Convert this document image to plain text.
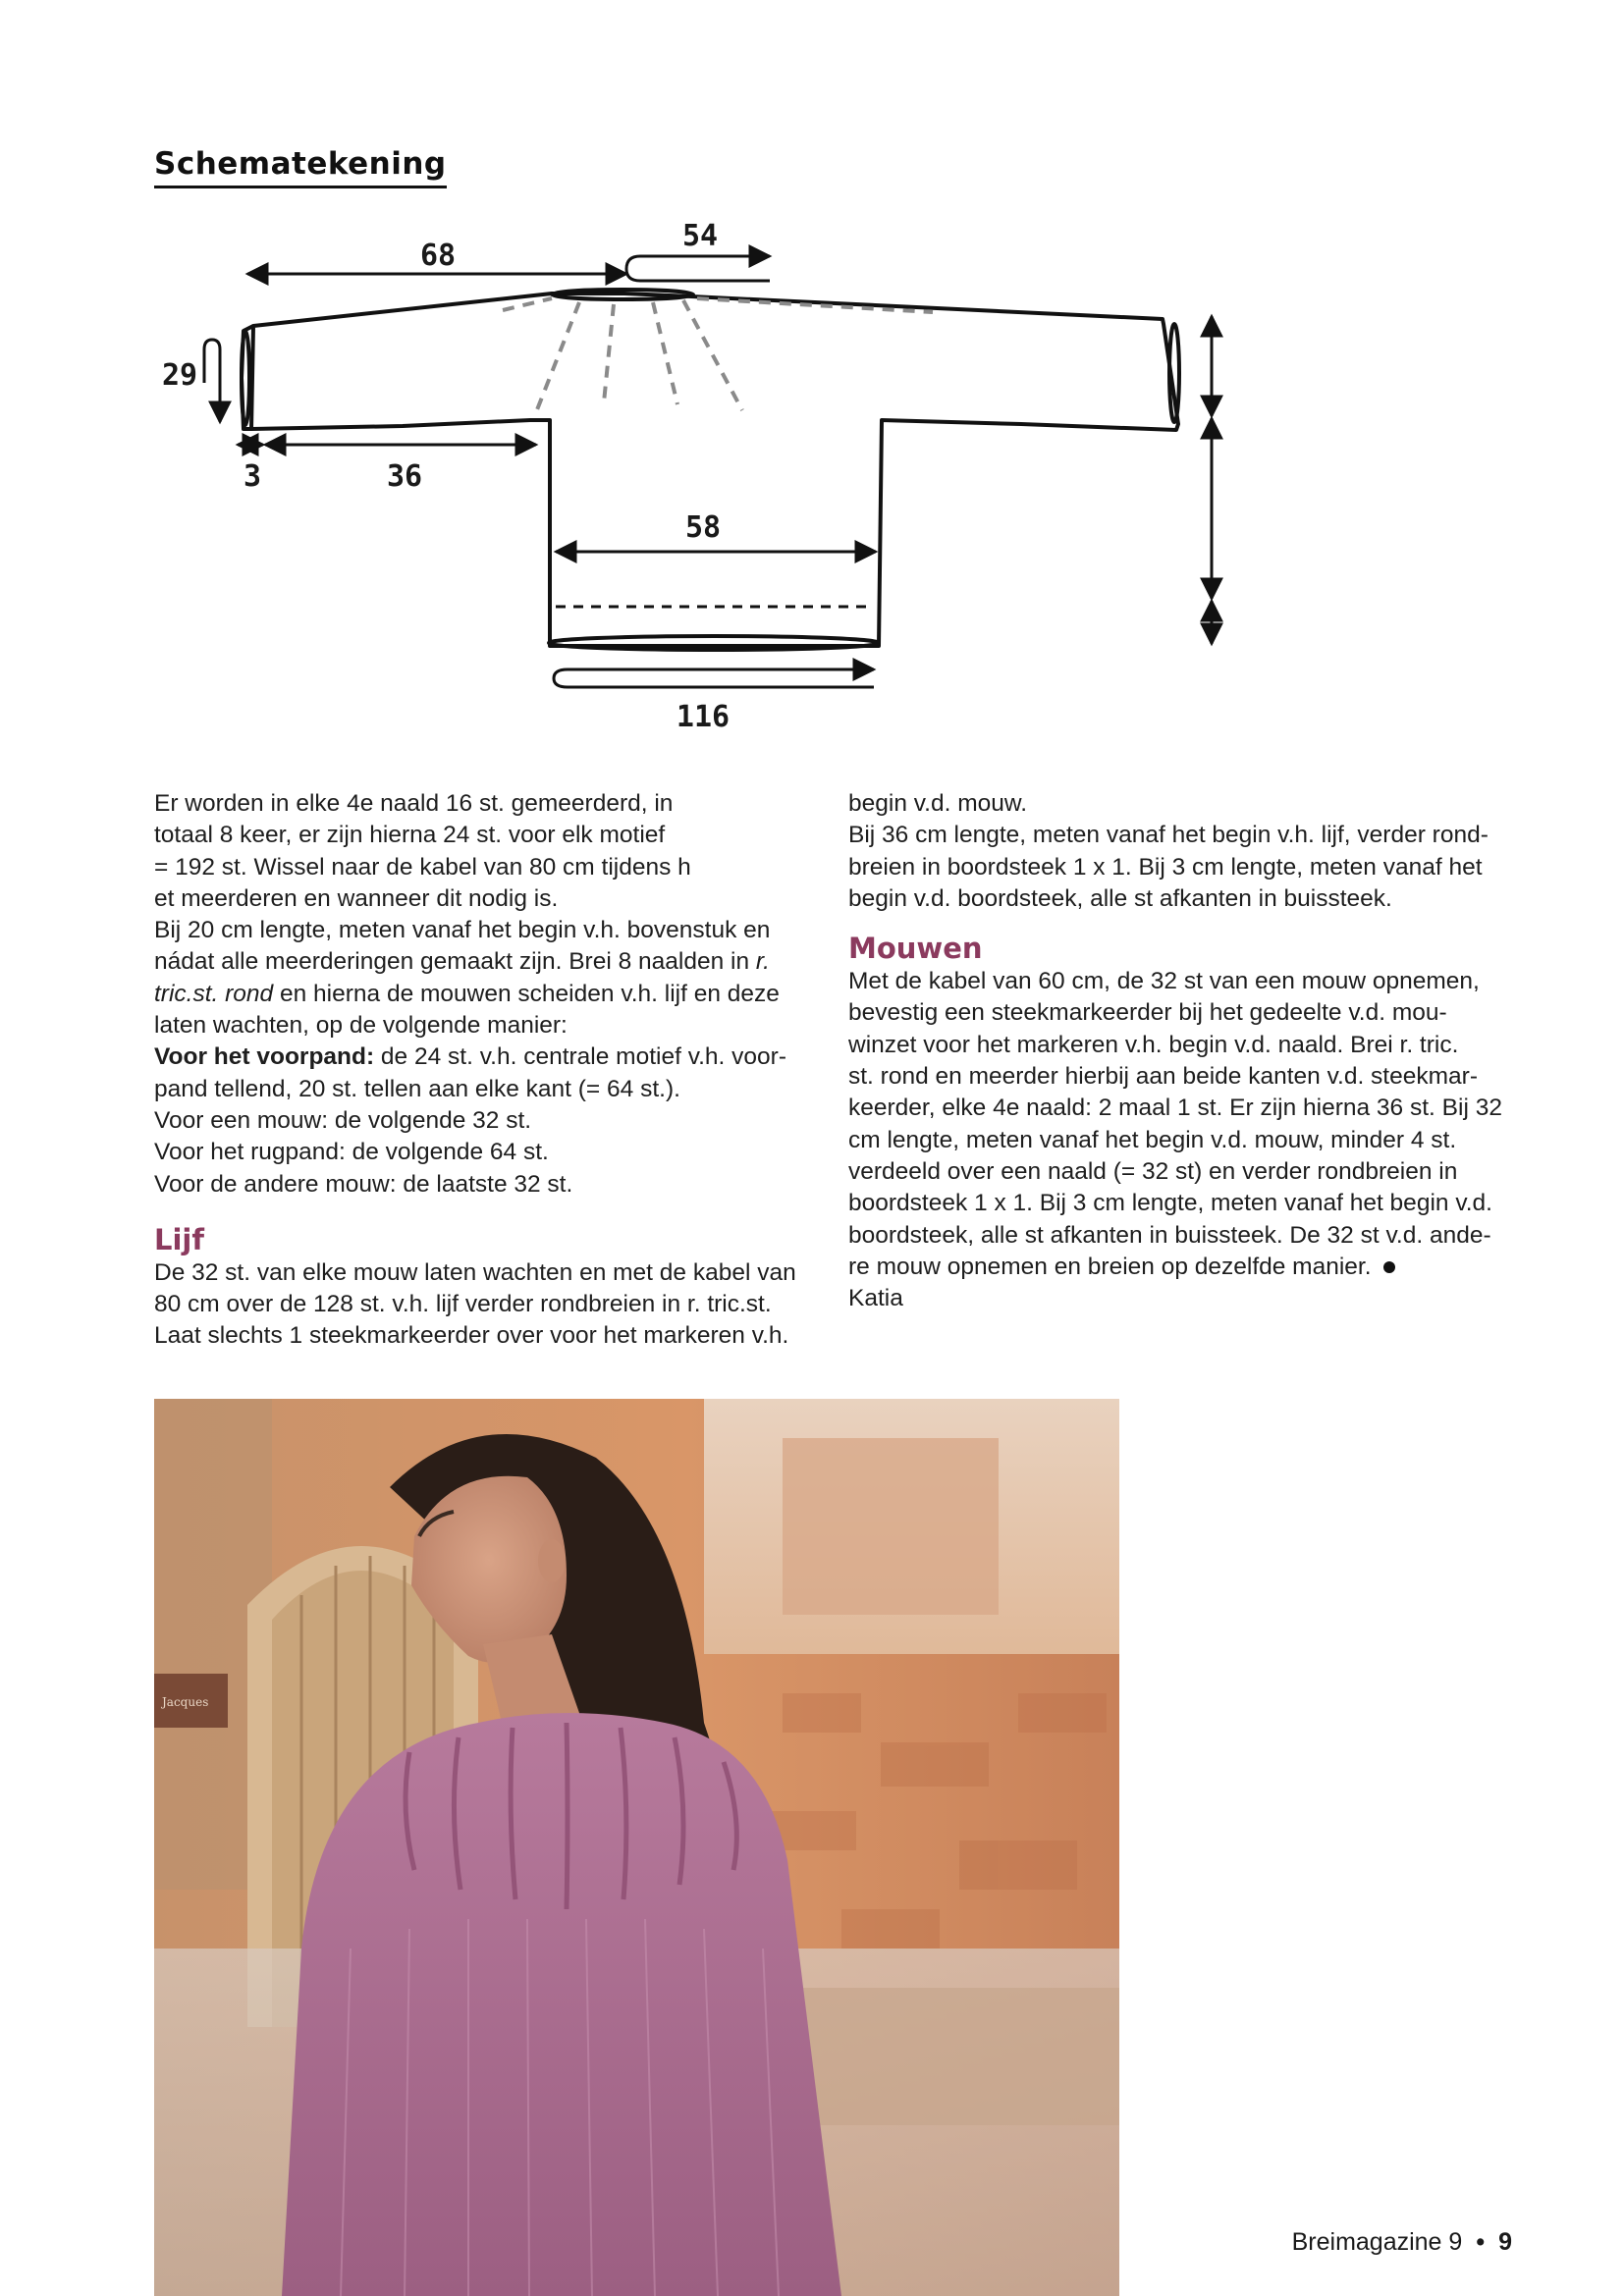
Schematekening
68
54
29
3	36
58
116

Er worden in elke 4e naald 16 st. gemeerderd, in

totaal 8 keer, er zijn hierna 24 st. voor elk motief

= 192 st. Wissel naar de kabel van 80 cm tijdens h

et meerderen en wanneer dit nodig is.

Bij 20 cm lengte, meten vanaf het begin v.h. bovenstuk en

nádat alle meerderingen gemaakt zijn. Brei 8 naalden in r.

tric.st. rond en hierna de mouwen scheiden v.h. lijf en deze

laten wachten, op de volgende manier:

Voor het voorpand: de 24 st. v.h. centrale motief v.h. voor-

pand tellend, 20 st. tellen aan elke kant (= 64 st.).

Voor een mouw: de volgende 32 st.

Voor het rugpand: de volgende 64 st.

Voor de andere mouw: de laatste 32 st.

Lijf

De 32 st. van elke mouw laten wachten en met de kabel van

80 cm over de 128 st. v.h. lijf verder rondbreien in r. tric.st.

Laat slechts 1 steekmarkeerder over voor het markeren v.h.

begin v.d. mouw.

Bij 36 cm lengte, meten vanaf het begin v.h. lijf, verder rond-

breien in boordsteek 1 x 1. Bij 3 cm lengte, meten vanaf het

begin v.d. boordsteek, alle st afkanten in buissteek.

Mouwen

Met de kabel van 60 cm, de 32 st van een mouw opnemen,

bevestig een steekmarkeerder bij het gedeelte v.d. mou-

winzet voor het markeren v.h. begin v.d. naald. Brei r. tric.

st. rond en meerder hierbij aan beide kanten v.d. steekmar-

keerder, elke 4e naald: 2 maal 1 st. Er zijn hierna 36 st. Bij 32

cm lengte, meten vanaf het begin v.d. mouw, minder 4 st.

verdeeld over een naald (= 32 st) en verder rondbreien in

boordsteek 1 x 1. Bij 3 cm lengte, meten vanaf het begin v.d.

boordsteek, alle st afkanten in buissteek. De 32 st v.d. ande-

re mouw opnemen en breien op dezelfde manier.

Katia

Jacques
Breimagazine 9 • 9
